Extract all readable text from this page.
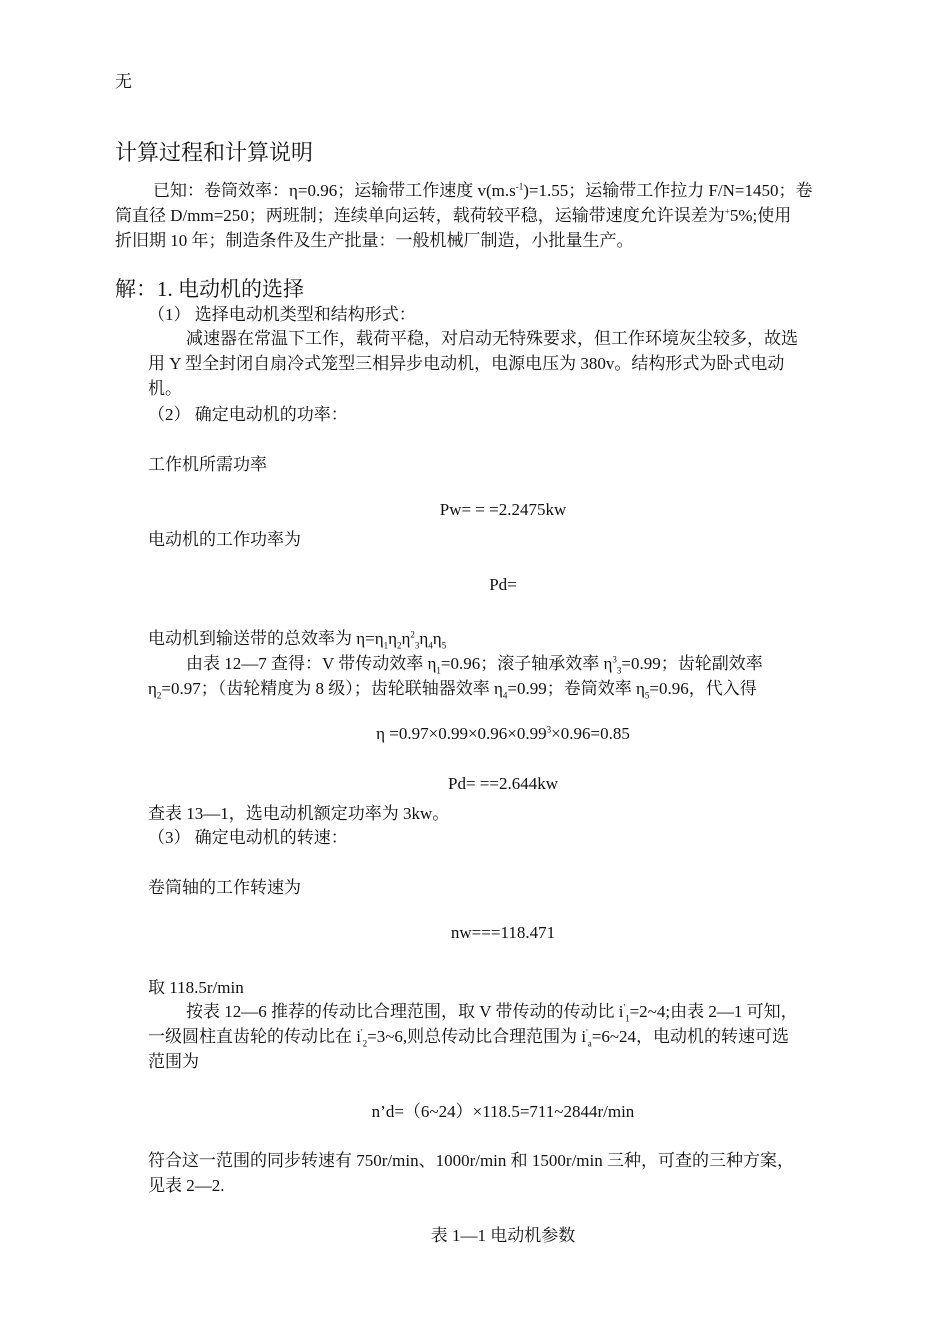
无
计算过程和计算说明
已知：卷筒效率：η=0.96；运输带工作速度 $v(m.s^{-1})=1.55$；运输带工作拉力 F/N=1450；卷
筒直径 D/mm=250；两班制；连续单向运转，载荷较平稳，运输带速度允许误差为+5%;使用
折旧期 10 年；制造条件及生产批量：一般机械厂制造，小批量生产。
解：1. 电动机的选择
（1） 选择电动机类型和结构形式：
减速器在常温下工作，载荷平稳，对启动无特殊要求，但工作环境灰尘较多，故选
用 Y 型全封闭自扇冷式笼型三相异步电动机，电源电压为 380v。结构形式为卧式电动
机。
（2） 确定电动机的功率：
工作机所需功率
Pw= = =2.2475kw
电动机的工作功率为
Pd=
电动机到输送带的总效率为 $\eta=\eta_1\eta_2\eta^2_3\eta_4\eta_5$
由表 12—7 查得：V 带传动效率 $\eta_1=0.96$；滚子轴承效率 $\eta^3_3=0.99$；齿轮副效率
$\eta_2=0.97$；（齿轮精度为 8 级）；齿轮联轴器效率 $\eta_4=0.99$；卷筒效率 $\eta_5=0.96$，代入得
$\eta =0.97\times 0.99\times 0.96\times 0.99^3\times 0.96=0.85$
Pd= ==2.644kw
查表 13—1，选电动机额定功率为 3kw。
（3） 确定电动机的转速：
卷筒轴的工作转速为
nw===118.471
取 118.5r/min
按表 12—6 推荐的传动比合理范围，取 V 带传动的传动比 $i'_1=2\sim 4$;由表 2—1 可知，
一级圆柱直齿轮的传动比在 $i'_2=3\sim 6$,则总传动比合理范围为 $i'_a=6\sim 24$，电动机的转速可选
范围为
n’d=（6~24）×118.5=711~2844r/min
符合这一范围的同步转速有 750r/min、1000r/min 和 1500r/min 三种，可查的三种方案，
见表 2—2.
表 1—1 电动机参数
